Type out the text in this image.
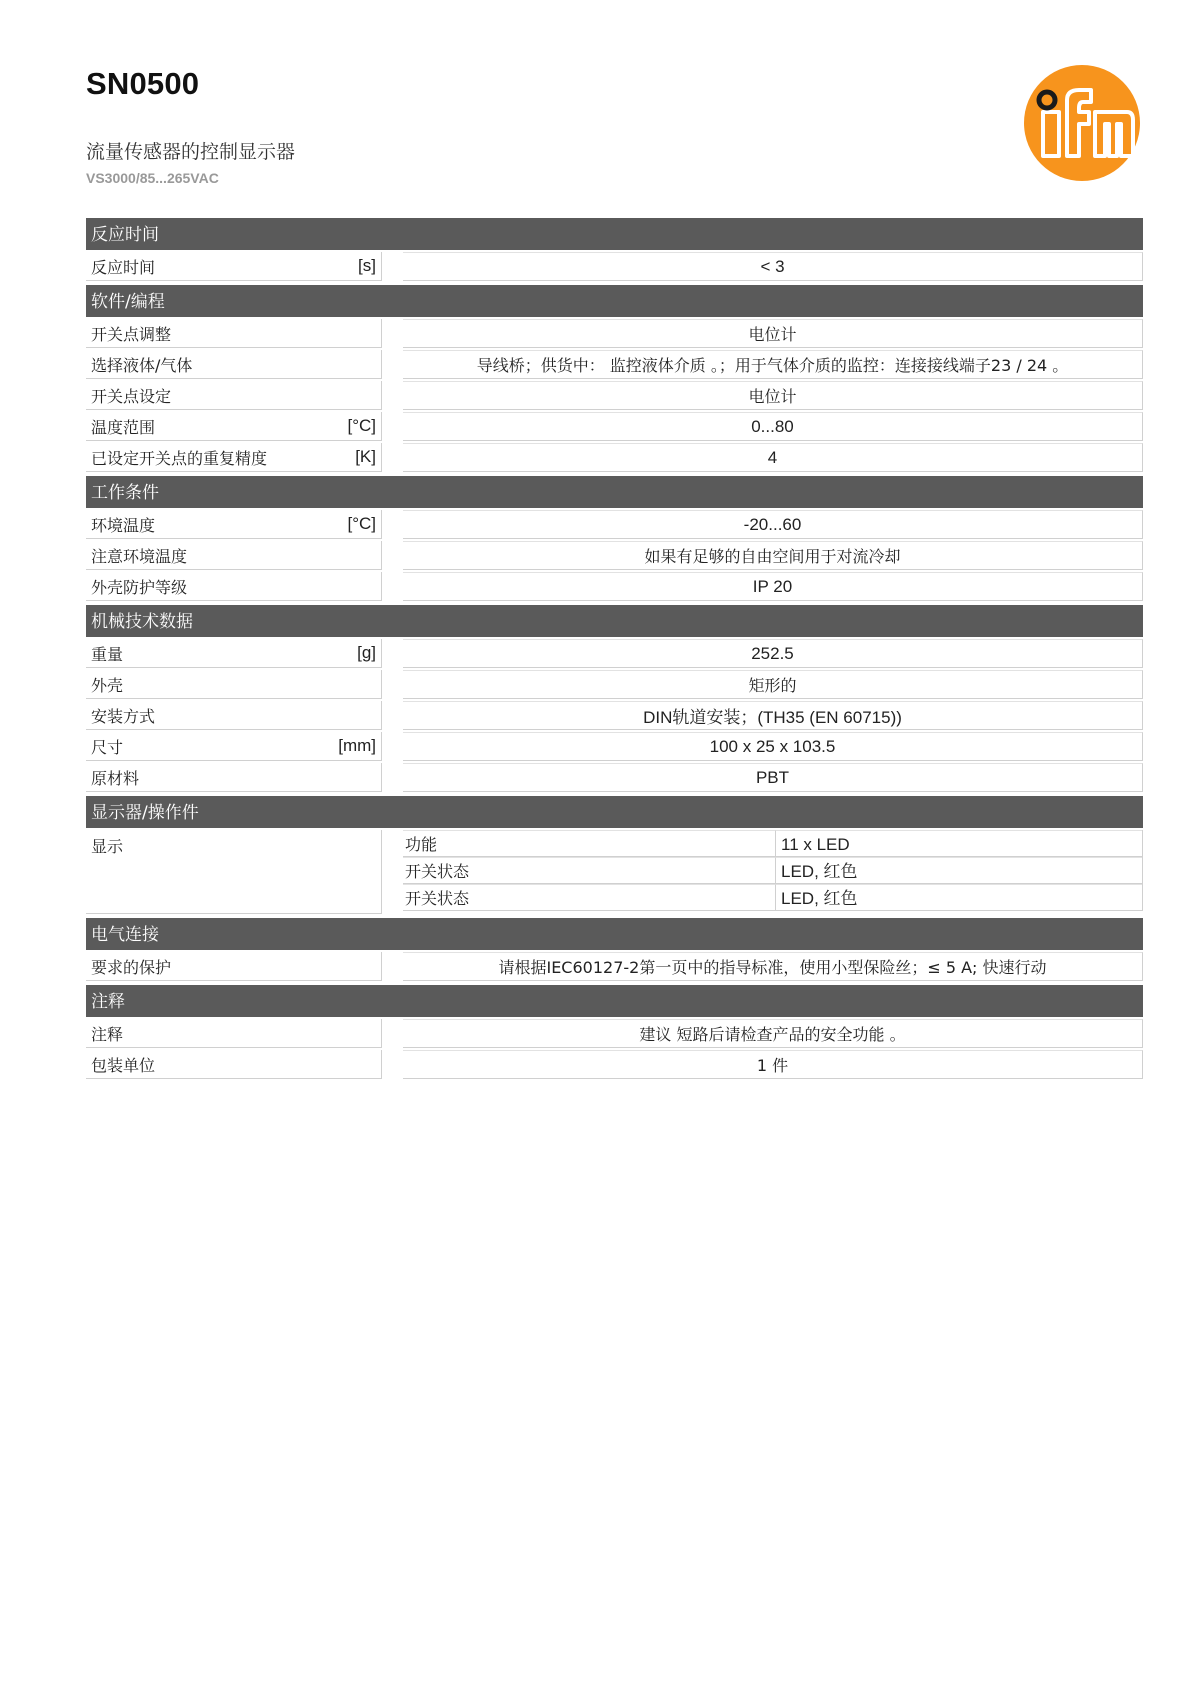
SN0500
流量传感器的控制显示器
VS3000/85...265VAC
反应时间
反应时间	[s]	< 3
软件/编程
开关点调整	电位计
选择液体/气体	导线桥；供货中： 监控液体介质 。；用于气体介质的监控：连接接线端子23 / 24 。
开关点设定	电位计
温度范围	[°C]	0...80
已设定开关点的重复精度	[K]	4
工作条件
环境温度	[°C]	-20...60
注意环境温度	如果有足够的自由空间用于对流冷却
外壳防护等级	IP 20
机械技术数据
重量	[g]	252.5
外壳	矩形的
安装方式	DIN轨道安装；(TH35 (EN 60715))
尺寸	[mm]	100 x 25 x 103.5
原材料	PBT
显示器/操作件
显示	功能	11 x LED
开关状态	LED, 红色
开关状态	LED, 红色
电气连接
要求的保护	请根据IEC60127-2第一页中的指导标准，使用小型保险丝；≤ 5 A; 快速行动
注释
注释	建议 短路后请检查产品的安全功能 。
包装单位	1 件
